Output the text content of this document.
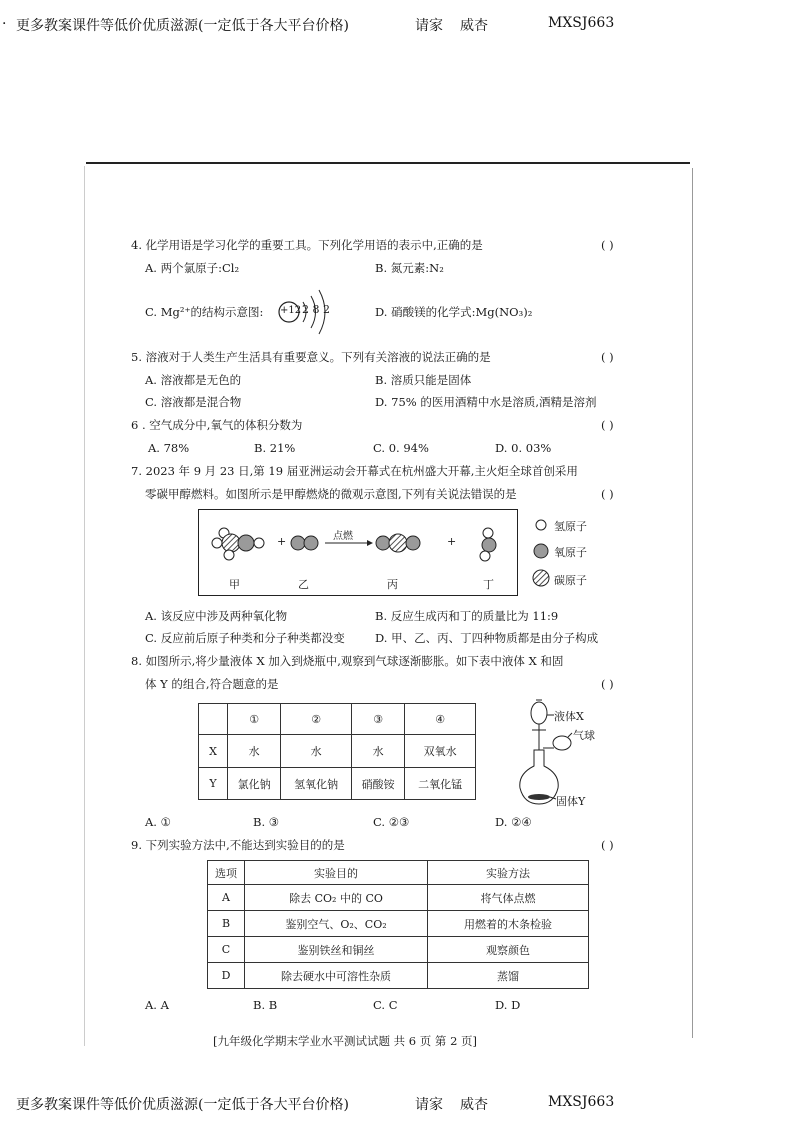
· 更多教案课件等低价优质滋源(一定低于各大平台价格)	请家 威杏	MXSJ663
4. 化学用语是学习化学的重要工具。下列化学用语的表示中,正确的是	( )
A. 两个氯原子:Cl₂	B. 氮元素:N₂
C. Mg²⁺的结构示意图: +12 2 8 2	D. 硝酸镁的化学式:Mg(NO₃)₂
5. 溶液对于人类生产生活具有重要意义。下列有关溶液的说法正确的是	( )
A. 溶液都是无色的	B. 溶质只能是固体
C. 溶液都是混合物	D. 75% 的医用酒精中水是溶质,酒精是溶剂
6 . 空气成分中,氧气的体积分数为	( )
A. 78%	B. 21%	C. 0. 94%	D. 0. 03%
7. 2023 年 9 月 23 日,第 19 届亚洲运动会开幕式在杭州盛大开幕,主火炬全球首创采用
零碳甲醇燃料。如图所示是甲醇燃烧的微观示意图,下列有关说法错误的是	( )
+	点燃	+
甲	乙	丙	丁
氢原子
氧原子
碳原子
A. 该反应中涉及两种氧化物	B. 反应生成丙和丁的质量比为 11:9
C. 反应前后原子种类和分子种类都没变	D. 甲、乙、丙、丁四种物质都是由分子构成
8. 如图所示,将少量液体 X 加入到烧瓶中,观察到气球逐渐膨胀。如下表中液体 X 和固
体 Y 的组合,符合题意的是	( )
	①	②	③	④
X	水	水	水	双氧水
Y	氯化钠	氢氧化钠	硝酸铵	二氧化锰
液体X
气球
固体Y
A. ①	B. ③	C. ②③	D. ②④
9. 下列实验方法中,不能达到实验目的的是	( )
选项	实验目的	实验方法
A	除去 CO₂ 中的 CO	将气体点燃
B	鉴别空气、O₂、CO₂	用燃着的木条检验
C	鉴别铁丝和铜丝	观察颜色
D	除去硬水中可溶性杂质	蒸馏
A. A	B. B	C. C	D. D
[九年级化学期末学业水平测试试题 共 6 页 第 2 页]
更多教案课件等低价优质滋源(一定低于各大平台价格)	请家 威杏	MXSJ663
